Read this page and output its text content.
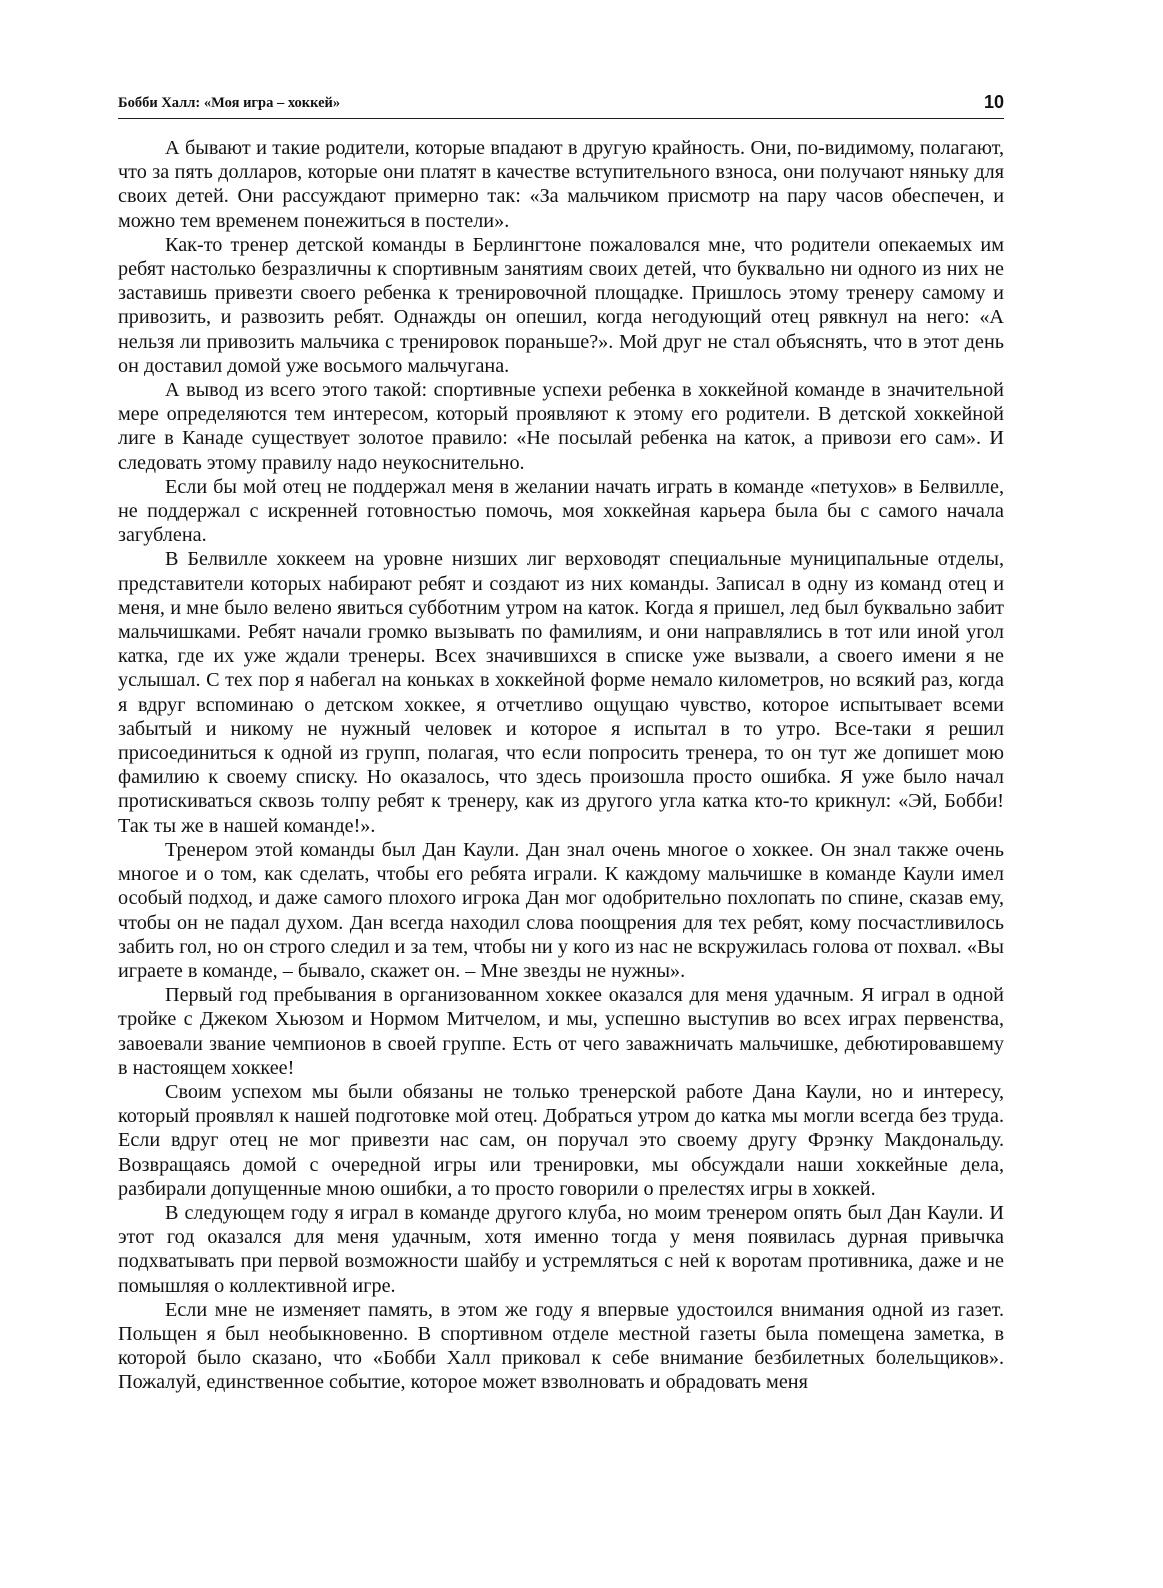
Бобби Халл: «Моя игра – хоккей»	10

А бывают и такие родители, которые впадают в другую крайность. Они, по-видимому, полагают, что за пять долларов, которые они платят в качестве вступительного взноса, они получают няньку для своих детей. Они рассуждают примерно так: «За мальчиком присмотр на пару часов обеспечен, и можно тем временем понежиться в постели».

Как-то тренер детской команды в Берлингтоне пожаловался мне, что родители опекаемых им ребят настолько безразличны к спортивным занятиям своих детей, что буквально ни одного из них не заставишь привезти своего ребенка к тренировочной площадке. Пришлось этому тренеру самому и привозить, и развозить ребят. Однажды он опешил, когда негодующий отец рявкнул на него: «А нельзя ли привозить мальчика с тренировок пораньше?». Мой друг не стал объяснять, что в этот день он доставил домой уже восьмого мальчугана.

А вывод из всего этого такой: спортивные успехи ребенка в хоккейной команде в значительной мере определяются тем интересом, который проявляют к этому его родители. В детской хоккейной лиге в Канаде существует золотое правило: «Не посылай ребенка на каток, а привози его сам». И следовать этому правилу надо неукоснительно.

Если бы мой отец не поддержал меня в желании начать играть в команде «петухов» в Белвилле, не поддержал с искренней готовностью помочь, моя хоккейная карьера была бы с самого начала загублена.

В Белвилле хоккеем на уровне низших лиг верховодят специальные муниципальные отделы, представители которых набирают ребят и создают из них команды. Записал в одну из команд отец и меня, и мне было велено явиться субботним утром на каток. Когда я пришел, лед был буквально забит мальчишками. Ребят начали громко вызывать по фамилиям, и они направлялись в тот или иной угол катка, где их уже ждали тренеры. Всех значившихся в списке уже вызвали, а своего имени я не услышал. С тех пор я набегал на коньках в хоккейной форме немало километров, но всякий раз, когда я вдруг вспоминаю о детском хоккее, я отчетливо ощущаю чувство, которое испытывает всеми забытый и никому не нужный человек и которое я испытал в то утро. Все-таки я решил присоединиться к одной из групп, полагая, что если попросить тренера, то он тут же допишет мою фамилию к своему списку. Но оказалось, что здесь произошла просто ошибка. Я уже было начал протискиваться сквозь толпу ребят к тренеру, как из другого угла катка кто-то крикнул: «Эй, Бобби! Так ты же в нашей команде!».

Тренером этой команды был Дан Каули. Дан знал очень многое о хоккее. Он знал также очень многое и о том, как сделать, чтобы его ребята играли. К каждому мальчишке в команде Каули имел особый подход, и даже самого плохого игрока Дан мог одобрительно похлопать по спине, сказав ему, чтобы он не падал духом. Дан всегда находил слова поощрения для тех ребят, кому посчастливилось забить гол, но он строго следил и за тем, чтобы ни у кого из нас не вскружилась голова от похвал. «Вы играете в команде, – бывало, скажет он. – Мне звезды не нужны».

Первый год пребывания в организованном хоккее оказался для меня удачным. Я играл в одной тройке с Джеком Хьюзом и Нормом Митчелом, и мы, успешно выступив во всех играх первенства, завоевали звание чемпионов в своей группе. Есть от чего заважничать мальчишке, дебютировавшему в настоящем хоккее!

Своим успехом мы были обязаны не только тренерской работе Дана Каули, но и интересу, который проявлял к нашей подготовке мой отец. Добраться утром до катка мы могли всегда без труда. Если вдруг отец не мог привезти нас сам, он поручал это своему другу Фрэнку Макдональду. Возвращаясь домой с очередной игры или тренировки, мы обсуждали наши хоккейные дела, разбирали допущенные мною ошибки, а то просто говорили о прелестях игры в хоккей.

В следующем году я играл в команде другого клуба, но моим тренером опять был Дан Каули. И этот год оказался для меня удачным, хотя именно тогда у меня появилась дурная привычка подхватывать при первой возможности шайбу и устремляться с ней к воротам противника, даже и не помышляя о коллективной игре.

Если мне не изменяет память, в этом же году я впервые удостоился внимания одной из газет. Польщен я был необыкновенно. В спортивном отделе местной газеты была помещена заметка, в которой было сказано, что «Бобби Халл приковал к себе внимание безбилетных болельщиков». Пожалуй, единственное событие, которое может взволновать и обрадовать меня
